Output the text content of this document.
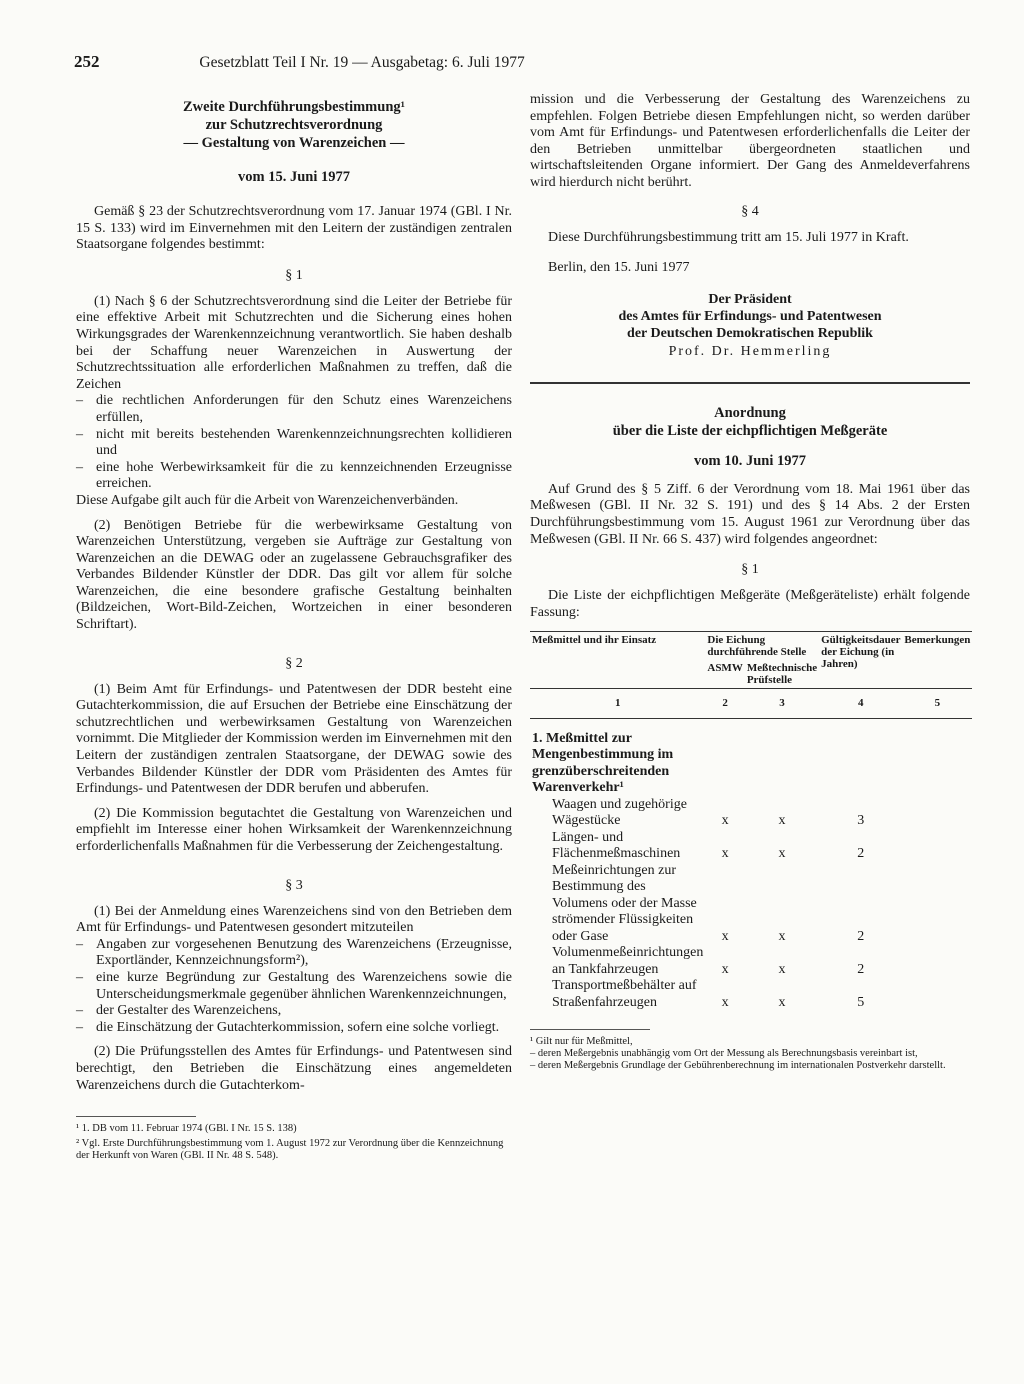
252	Gesetzblatt Teil I Nr. 19 — Ausgabetag: 6. Juli 1977
Zweite Durchführungsbestimmung¹
zur Schutzrechtsverordnung
— Gestaltung von Warenzeichen —
vom 15. Juni 1977

Gemäß § 23 der Schutzrechtsverordnung vom 17. Januar 1974 (GBl. I Nr. 15 S. 133) wird im Einvernehmen mit den Leitern der zuständigen zentralen Staatsorgane folgendes bestimmt:

§ 1

(1) Nach § 6 der Schutzrechtsverordnung sind die Leiter der Betriebe für eine effektive Arbeit mit Schutzrechten und die Sicherung eines hohen Wirkungsgrades der Warenkennzeichnung verantwortlich. Sie haben deshalb bei der Schaffung neuer Warenzeichen in Auswertung der Schutzrechtssituation alle erforderlichen Maßnahmen zu treffen, daß die Zeichen

– die rechtlichen Anforderungen für den Schutz eines Warenzeichens erfüllen,
– nicht mit bereits bestehenden Warenkennzeichnungsrechten kollidieren und
– eine hohe Werbewirksamkeit für die zu kennzeichnenden Erzeugnisse erreichen.

Diese Aufgabe gilt auch für die Arbeit von Warenzeichenverbänden.

(2) Benötigen Betriebe für die werbewirksame Gestaltung von Warenzeichen Unterstützung, vergeben sie Aufträge zur Gestaltung von Warenzeichen an die DEWAG oder an zugelassene Gebrauchsgrafiker des Verbandes Bildender Künstler der DDR. Das gilt vor allem für solche Warenzeichen, die eine besondere grafische Gestaltung beinhalten (Bildzeichen, Wort-Bild-Zeichen, Wortzeichen in einer besonderen Schriftart).

§ 2

(1) Beim Amt für Erfindungs- und Patentwesen der DDR besteht eine Gutachterkommission, die auf Ersuchen der Betriebe eine Einschätzung der schutzrechtlichen und werbewirksamen Gestaltung von Warenzeichen vornimmt. Die Mitglieder der Kommission werden im Einvernehmen mit den Leitern der zuständigen zentralen Staatsorgane, der DEWAG sowie des Verbandes Bildender Künstler der DDR vom Präsidenten des Amtes für Erfindungs- und Patentwesen der DDR berufen und abberufen.

(2) Die Kommission begutachtet die Gestaltung von Warenzeichen und empfiehlt im Interesse einer hohen Wirksamkeit der Warenkennzeichnung erforderlichenfalls Maßnahmen für die Verbesserung der Zeichengestaltung.

§ 3

(1) Bei der Anmeldung eines Warenzeichens sind von den Betrieben dem Amt für Erfindungs- und Patentwesen gesondert mitzuteilen

– Angaben zur vorgesehenen Benutzung des Warenzeichens (Erzeugnisse, Exportländer, Kennzeichnungsform²),
– eine kurze Begründung zur Gestaltung des Warenzeichens sowie die Unterscheidungsmerkmale gegenüber ähnlichen Warenkennzeichnungen,
– der Gestalter des Warenzeichens,
– die Einschätzung der Gutachterkommission, sofern eine solche vorliegt.

(2) Die Prüfungsstellen des Amtes für Erfindungs- und Patentwesen sind berechtigt, den Betrieben die Einschätzung eines angemeldeten Warenzeichens durch die Gutachterkom-

¹ 1. DB vom 11. Februar 1974 (GBl. I Nr. 15 S. 138)
² Vgl. Erste Durchführungsbestimmung vom 1. August 1972 zur Verordnung über die Kennzeichnung der Herkunft von Waren (GBl. II Nr. 48 S. 548).

mission und die Verbesserung der Gestaltung des Warenzeichens zu empfehlen. Folgen Betriebe diesen Empfehlungen nicht, so werden darüber vom Amt für Erfindungs- und Patentwesen erforderlichenfalls die Leiter der den Betrieben unmittelbar übergeordneten staatlichen und wirtschaftsleitenden Organe informiert. Der Gang des Anmeldeverfahrens wird hierdurch nicht berührt.

§ 4

Diese Durchführungsbestimmung tritt am 15. Juli 1977 in Kraft.

Berlin, den 15. Juni 1977

Der Präsident
des Amtes für Erfindungs- und Patentwesen
der Deutschen Demokratischen Republik
Prof. Dr. Hemmerling
Anordnung
über die Liste der eichpflichtigen Meßgeräte
vom 10. Juni 1977

Auf Grund des § 5 Ziff. 6 der Verordnung vom 18. Mai 1961 über das Meßwesen (GBl. II Nr. 32 S. 191) und des § 14 Abs. 2 der Ersten Durchführungsbestimmung vom 15. August 1961 zur Verordnung über das Meßwesen (GBl. II Nr. 66 S. 437) wird folgendes angeordnet:

§ 1

Die Liste der eichpflichtigen Meßgeräte (Meßgeräteliste) erhält folgende Fassung:

Meßmittel und ihr Einsatz	Die Eichung durchführende Stelle		Gültigkeitsdauer der Eichung (in Jahren)	Bemerkungen
	ASMW	Meßtechnische Prüfstelle		
1	2	3	4	5
1. Meßmittel zur Mengenbestimmung im grenzüberschreitenden Warenverkehr¹				
Waagen und zugehörige Wägestücke	x	x	3	
Längen- und Flächenmeßmaschinen	x	x	2	
Meßeinrichtungen zur Bestimmung des Volumens oder der Masse strömender Flüssigkeiten oder Gase	x	x	2	
Volumenmeßeinrichtungen an Tankfahrzeugen	x	x	2	
Transportmeßbehälter auf Straßenfahrzeugen	x	x	5	
¹ Gilt nur für Meßmittel,
– deren Meßergebnis unabhängig vom Ort der Messung als Berechnungsbasis vereinbart ist,
– deren Meßergebnis Grundlage der Gebührenberechnung im internationalen Postverkehr darstellt.
